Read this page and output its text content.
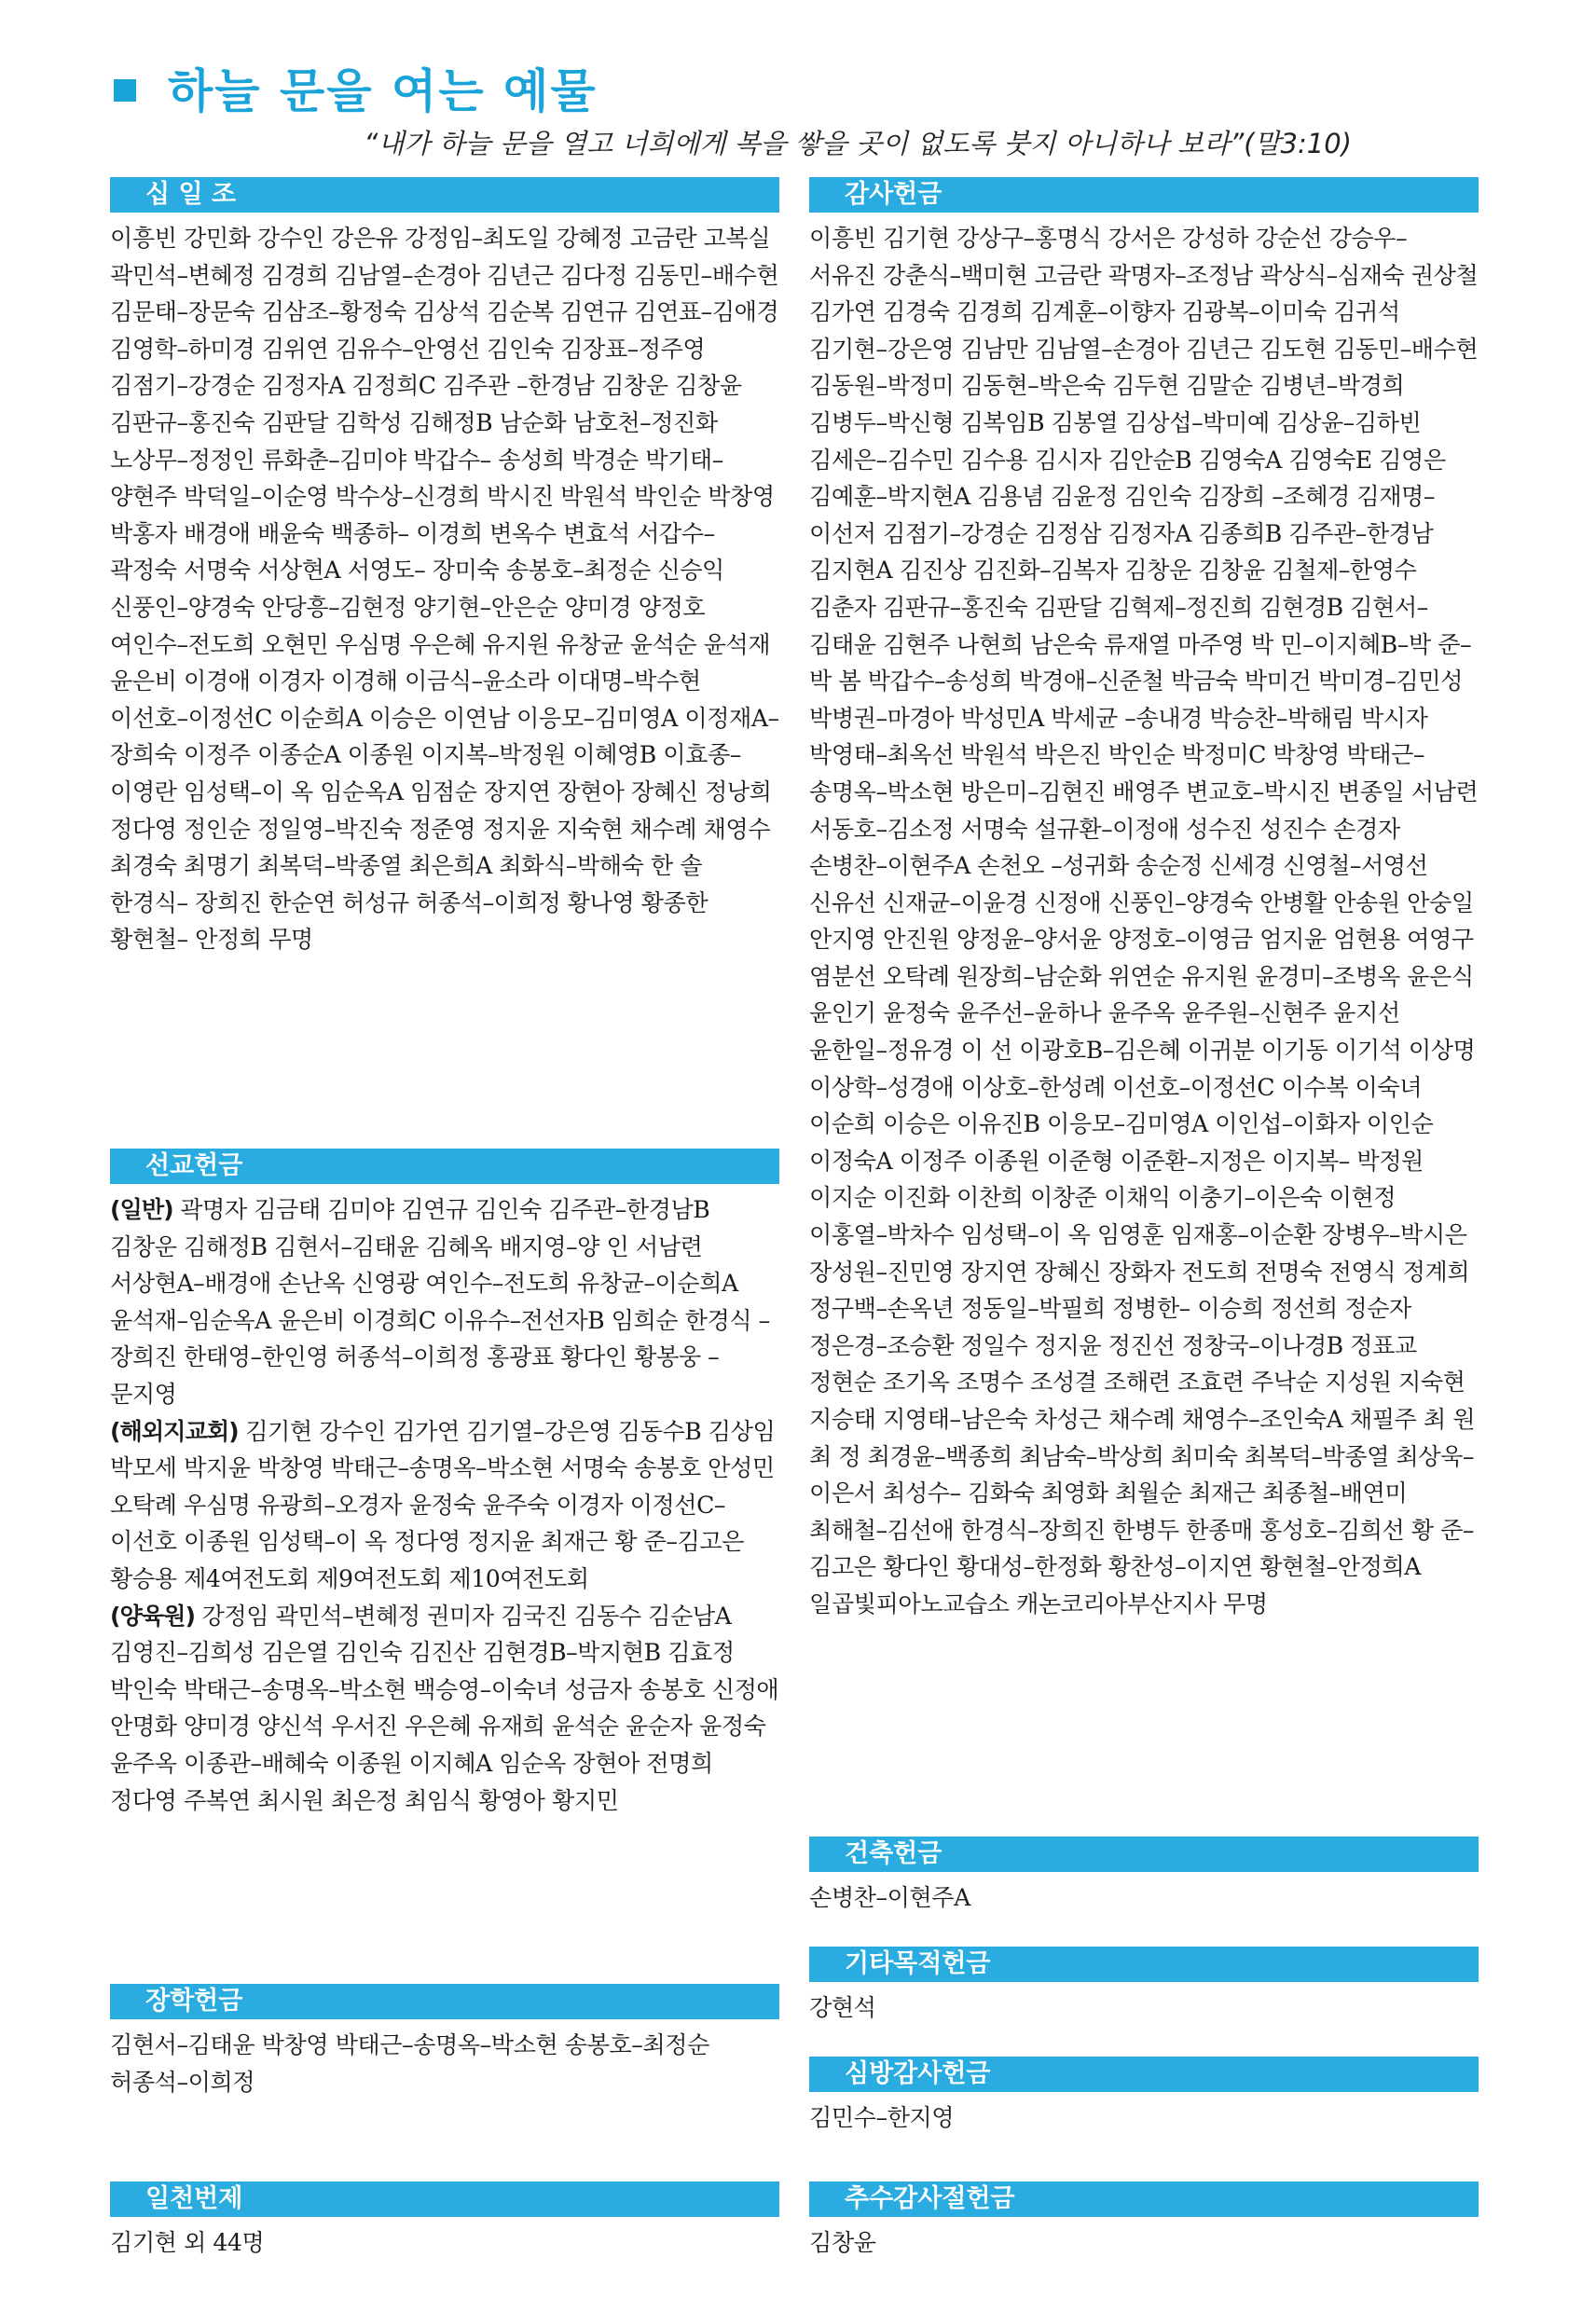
하늘 문을 여는 예물
“내가 하늘 문을 열고 너희에게 복을 쌓을 곳이 없도록 붓지 아니하나 보라”(말3:10)
십 일 조
이흥빈 강민화 강수인 강은유 강정임–최도일 강혜정 고금란 고복실 곽민석–변혜정 김경희 김남열–손경아 김년근 김다정 김동민–배수현 김문태–장문숙 김삼조–황정숙 김상석 김순복 김연규 김연표–김애경 김영학–하미경 김위연 김유수–안영선 김인숙 김장표–정주영 김점기–강경순 김정자A 김정희C 김주관 –한경남 김창운 김창윤 김판규–홍진숙 김판달 김학성 김해정B 남순화 남호천–정진화 노상무–정정인 류화춘–김미야 박갑수– 송성희 박경순 박기태–양현주 박덕일–이순영 박수상–신경희 박시진 박원석 박인순 박창영 박홍자 배경애 배윤숙 백종하– 이경희 변옥수 변효석 서갑수–곽정숙 서명숙 서상현A 서영도– 장미숙 송봉호–최정순 신승익 신풍인–양경숙 안당흥–김현정 양기현–안은순 양미경 양정호 여인수–전도희 오현민 우심명 우은혜 유지원 유창균 윤석순 윤석재 윤은비 이경애 이경자 이경해 이금식–윤소라 이대명–박수현 이선호–이정선C 이순희A 이승은 이연남 이응모–김미영A 이정재A–장희숙 이정주 이종순A 이종원 이지복–박정원 이혜영B 이효종–이영란 임성택–이 옥 임순옥A 임점순 장지연 장현아 장혜신 정낭희 정다영 정인순 정일영–박진숙 정준영 정지윤 지숙현 채수례 채영수 최경숙 최명기 최복덕–박종열 최은희A 최화식–박해숙 한 솔 한경식– 장희진 한순연 허성규 허종석–이희정 황나영 황종한 황현철– 안정희 무명
선교헌금

(일반) 곽명자 김금태 김미야 김연규 김인숙 김주관–한경남B 김창운 김해정B 김현서–김태윤 김혜옥 배지영–양 인 서남련 서상현A–배경애 손난옥 신영광 여인수–전도희 유창균–이순희A 윤석재–임순옥A 윤은비 이경희C 이유수–전선자B 임희순 한경식 –장희진 한태영–한인영 허종석–이희정 홍광표 황다인 황봉웅 –문지영

(해외지교회) 김기현 강수인 김가연 김기열–강은영 김동수B 김상임 박모세 박지윤 박창영 박태근–송명옥–박소현 서명숙 송봉호 안성민 오탁례 우심명 유광희–오경자 윤정숙 윤주숙 이경자 이정선C–이선호 이종원 임성택–이 옥 정다영 정지윤 최재근 황 준–김고은 황승용 제4여전도회 제9여전도회 제10여전도회

(양육원) 강정임 곽민석–변혜정 권미자 김국진 김동수 김순남A 김영진–김희성 김은열 김인숙 김진산 김현경B–박지현B 김효정 박인숙 박태근–송명옥–박소현 백승영–이숙녀 성금자 송봉호 신정애 안명화 양미경 양신석 우서진 우은혜 유재희 윤석순 윤순자 윤정숙 윤주옥 이종관–배혜숙 이종원 이지혜A 임순옥 장현아 전명희 정다영 주복연 최시원 최은정 최임식 황영아 황지민

장학헌금
김현서–김태윤 박창영 박태근–송명옥–박소현 송봉호–최정순 허종석–이희정
일천번제
김기현 외 44명
감사헌금
이흥빈 김기현 강상구–홍명식 강서은 강성하 강순선 강승우– 서유진 강춘식–백미현 고금란 곽명자–조정남 곽상식–심재숙 권상철 김가연 김경숙 김경희 김계훈–이향자 김광복–이미숙 김귀석 김기현–강은영 김남만 김남열–손경아 김년근 김도현 김동민–배수현 김동원–박정미 김동현–박은숙 김두현 김말순 김병년–박경희 김병두–박신형 김복임B 김봉열 김상섭–박미예 김상윤–김하빈 김세은–김수민 김수용 김시자 김안순B 김영숙A 김영숙E 김영은 김예훈–박지현A 김용념 김윤정 김인숙 김장희 –조혜경 김재명–이선저 김점기–강경순 김정삼 김정자A 김종희B 김주관–한경남 김지현A 김진상 김진화–김복자 김창운 김창윤 김철제–한영수 김춘자 김판규–홍진숙 김판달 김혁제–정진희 김현경B 김현서–김태윤 김현주 나현희 남은숙 류재열 마주영 박 민–이지혜B–박 준–박 봄 박갑수–송성희 박경애–신준철 박금숙 박미건 박미경–김민성 박병권–마경아 박성민A 박세균 –송내경 박승찬–박해림 박시자 박영태–최옥선 박원석 박은진 박인순 박정미C 박창영 박태근–송명옥–박소현 방은미–김현진 배영주 변교호–박시진 변종일 서남련 서동호–김소정 서명숙 설규환–이정애 성수진 성진수 손경자 손병찬–이현주A 손천오 –성귀화 송순정 신세경 신영철–서영선 신유선 신재균–이윤경 신정애 신풍인–양경숙 안병활 안송원 안숭일 안지영 안진원 양정윤–양서윤 양정호–이영금 엄지윤 엄현용 여영구 염분선 오탁례 원장희–남순화 위연순 유지원 윤경미–조병옥 윤은식 윤인기 윤정숙 윤주선–윤하나 윤주옥 윤주원–신현주 윤지선 윤한일–정유경 이 선 이광호B–김은혜 이귀분 이기동 이기석 이상명 이상학–성경애 이상호–한성례 이선호–이정선C 이수복 이숙녀 이순희 이승은 이유진B 이응모–김미영A 이인섭–이화자 이인순 이정숙A 이정주 이종원 이준형 이준환–지정은 이지복– 박정원 이지순 이진화 이찬희 이창준 이채익 이충기–이은숙 이현정 이홍열–박차수 임성택–이 옥 임영훈 임재홍–이순환 장병우–박시은 장성원–진민영 장지연 장혜신 장화자 전도희 전명숙 전영식 정계희 정구백–손옥년 정동일–박필희 정병한– 이승희 정선희 정순자 정은경–조승환 정일수 정지윤 정진선 정창국–이나경B 정표교 정현순 조기옥 조명수 조성결 조해련 조효련 주낙순 지성원 지숙현 지승태 지영태–남은숙 차성근 채수례 채영수–조인숙A 채필주 최 원 최 정 최경윤–백종희 최남숙–박상희 최미숙 최복덕–박종열 최상욱–이은서 최성수– 김화숙 최영화 최월순 최재근 최종철–배연미 최해철–김선애 한경식–장희진 한병두 한종매 홍성호–김희선 황 준–김고은 황다인 황대성–한정화 황찬성–이지연 황현철–안정희A 일곱빛피아노교습소 캐논코리아부산지사 무명
건축헌금
손병찬–이현주A
기타목적헌금
강현석
심방감사헌금
김민수–한지영
추수감사절헌금
김창윤
